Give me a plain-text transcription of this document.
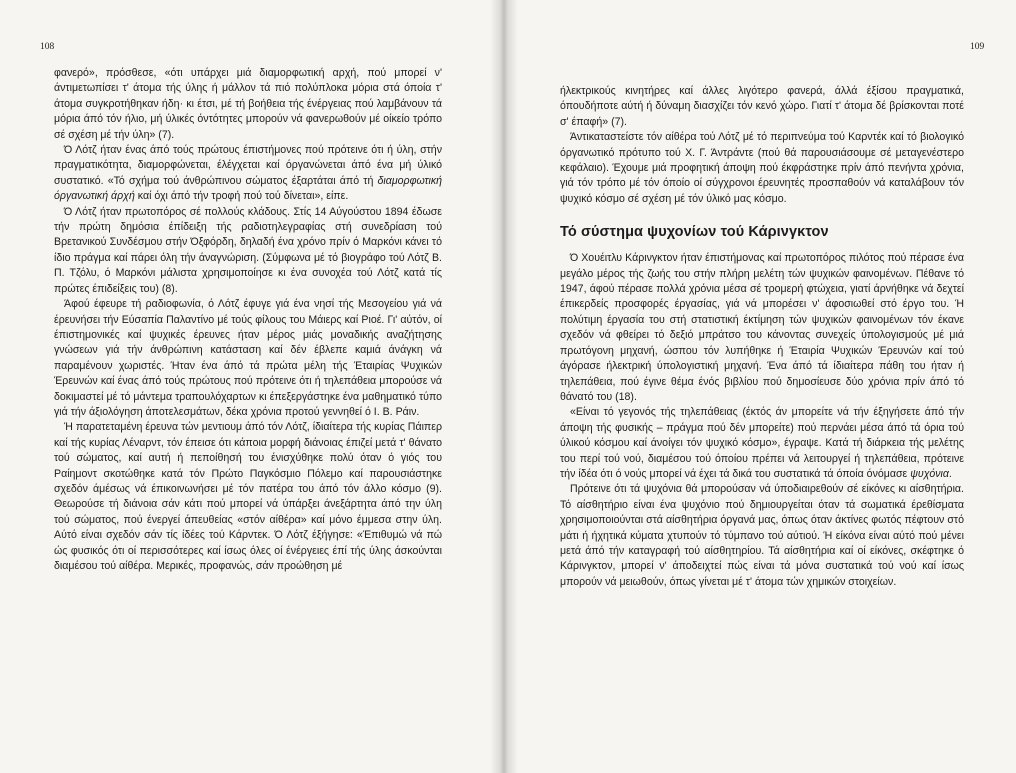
108

φανερό», πρόσθεσε, «ότι υπάρχει μιά διαμορφωτική αρχή, πού μπορεί ν' άντιμετωπίσει τ' άτομα τής ύλης ή μάλλον τά πιό πολύπλοκα μόρια στά όποία τ' άτομα συγκροτήθηκαν ήδη· κι έτσι, μέ τή βοήθεια τής ένέργειας πού λαμβάνουν τά μόρια άπό τόν ήλιο, μή ύλικές όντότητες μπορούν νά φανερωθούν μέ οίκείο τρόπο σέ σχέση μέ τήν ύλη» (7).

Ό Λότζ ήταν ένας άπό τούς πρώτους έπιστήμονες πού πρότεινε ότι ή ύλη, στήν πραγματικότητα, διαμορφώνεται, έλέγχεται καί όργανώνεται άπό ένα μή ύλικό συστατικό. «Τό σχήμα τού άνθρώπινου σώματος έξαρτάται άπό τή διαμορφωτική όργανωτική άρχή καί όχι άπό τήν τροφή πού τού δίνεται», είπε.

Ό Λότζ ήταν πρωτοπόρος σέ πολλούς κλάδους. Στίς 14 Αύγούστου 1894 έδωσε τήν πρώτη δημόσια έπίδειξη τής ραδιοτηλεγραφίας στή συνεδρίαση τού Βρετανικού Συνδέσμου στήν Όξφόρδη, δηλαδή ένα χρόνο πρίν ό Μαρκόνι κάνει τό ίδιο πράγμα καί πάρει όλη τήν άναγνώριση. (Σύμφωνα μέ τό βιογράφο τού Λότζ Β. Π. Τζόλυ, ό Μαρκόνι μάλιστα χρησιμοποίησε κι ένα συνοχέα τού Λότζ κατά τίς πρώτες έπιδείξεις του) (8).

Άφού έφευρε τή ραδιοφωνία, ό Λότζ έφυγε γιά ένα νησί τής Μεσογείου γιά νά έρευνήσει τήν Εύσαπία Παλαντίνο μέ τούς φίλους του Μάιερς καί Ριοέ. Γι' αύτόν, οί έπιστημονικές καί ψυχικές έρευνες ήταν μέρος μιάς μοναδικής αναζήτησης γνώσεων γιά τήν άνθρώπινη κατάσταση καί δέν έβλεπε καμιά άνάγκη νά παραμένουν χωριστές. Ήταν ένα άπό τά πρώτα μέλη τής Έταιρίας Ψυχικών Έρευνών καί ένας άπό τούς πρώτους πού πρότεινε ότι ή τηλεπάθεια μπορούσε νά δοκιμαστεί μέ τό μάντεμα τραπουλόχαρτων κι έπεξεργάστηκε ένα μαθηματικό τύπο γιά τήν άξιολόγηση άποτελεσμάτων, δέκα χρόνια προτού γεννηθεί ό Ι. Β. Ράιν.

Ή παρατεταμένη έρευνα τών μεντιουμ άπό τόν Λότζ, ίδιαίτερα τής κυρίας Πάιπερ καί τής κυρίας Λέναρντ, τόν έπεισε ότι κάποια μορφή διάνοιας έπιζεί μετά τ' θάνατο τού σώματος, καί αυτή ή πεποίθησή του ένισχύθηκε πολύ όταν ό γιός του Ραίημοντ σκοτώθηκε κατά τόν Πρώτο Παγκόσμιο Πόλεμο καί παρουσιάστηκε σχεδόν άμέσως νά έπικοινωνήσει μέ τόν πατέρα του άπό τόν άλλο κόσμο (9). Θεωρούσε τή διάνοια σάν κάτι πού μπορεί νά ύπάρξει άνεξάρτητα άπό την ύλη τού σώματος, πού ένεργεί άπευθείας «στόν αίθέρα» καί μόνο έμμεσα στην ύλη. Αύτό είναι σχεδόν σάν τίς ίδέες τού Κάρντεκ. Ό Λότζ έξήγησε: «Έπιθυμώ νά πώ ώς φυσικός ότι οί περισσότερες καί ίσως όλες οί ένέργειες έπί τής ύλης άσκούνται διαμέσου τού αίθέρα. Μερικές, προφανώς, σάν προώθηση μέ

109

ήλεκτρικούς κινητήρες καί άλλες λιγότερο φανερά, άλλά έξίσου πραγματικά, όπουδήποτε αύτή ή δύναμη διασχίζει τόν κενό χώρο. Γιατί τ' άτομα δέ βρίσκονται ποτέ σ' έπαφή» (7).

Άντικαταστείστε τόν αίθέρα τού Λότζ μέ τό περιπνεύμα τού Καρντέκ καί τό βιολογικό όργανωτικό πρότυπο τού Χ. Γ. Άντράντε (πού θά παρουσιάσουμε σέ μεταγενέστερο κεφάλαιο). Έχουμε μιά προφητική άποψη πού έκφράστηκε πρίν άπό πενήντα χρόνια, γιά τόν τρόπο μέ τόν όποίο οί σύγχρονοι έρευνητές προσπαθούν νά καταλάβουν τόν ψυχικό κόσμο σέ σχέση μέ τόν ύλικό μας κόσμο.

Τό σύστημα ψυχονίων τού Κάρινγκτον

Ό Χουέιτλυ Κάρινγκτον ήταν έπιστήμονας καί πρωτοπόρος πιλότος πού πέρασε ένα μεγάλο μέρος τής ζωής του στήν πλήρη μελέτη τών ψυχικών φαινομένων. Πέθανε τό 1947, άφού πέρασε πολλά χρόνια μέσα σέ τρομερή φτώχεια, γιατί άρνήθηκε νά δεχτεί έπικερδείς προσφορές έργασίας, γιά νά μπορέσει ν' άφοσιωθεί στό έργο του. Ή πολύτιμη έργασία του στή στατιστική έκτίμηση τών ψυχικών φαινομένων τόν έκανε σχεδόν νά φθείρει τό δεξιό μπράτσο του κάνοντας συνεχείς ύπολογισμούς μέ μιά πρωτόγονη μηχανή, ώσπου τόν λυπήθηκε ή Έταιρία Ψυχικών Έρευνών καί τού άγόρασε ήλεκτρική ύπολογιστική μηχανή. Ένα άπό τά ίδιαίτερα πάθη του ήταν ή τηλεπάθεια, πού έγινε θέμα ένός βιβλίου πού δημοσίευσε δύο χρόνια πρίν άπό τό θάνατό του (18).

«Είναι τό γεγονός τής τηλεπάθειας (έκτός άν μπορείτε νά τήν έξηγήσετε άπό τήν άποψη τής φυσικής – πράγμα πού δέν μπορείτε) πού περνάει μέσα άπό τά όρια τού ύλικού κόσμου καί άνοίγει τόν ψυχικό κόσμο», έγραψε. Κατά τή διάρκεια τής μελέτης του περί τού νού, διαμέσου τού όποίου πρέπει νά λειτουργεί ή τηλεπάθεια, πρότεινε τήν ίδέα ότι ό νούς μπορεί νά έχει τά δικά του συστατικά τά όποία όνόμασε ψυχόνια.

Πρότεινε ότι τά ψυχόνια θά μπορούσαν νά ύποδιαιρεθούν σέ είκόνες κι αίσθητήρια. Τό αίσθητήριο είναι ένα ψυχόνιο πού δημιουργείται όταν τά σωματικά έρεθίσματα χρησιμοποιούνται στά αίσθητήρια όργανά μας, όπως όταν άκτίνες φωτός πέφτουν στό μάτι ή ήχητικά κύματα χτυπούν τό τύμπανο τού αύτιού. Ή είκόνα είναι αύτό πού μένει μετά άπό τήν καταγραφή τού αίσθητηρίου. Τά αίσθητήρια καί οί είκόνες, σκέφτηκε ό Κάρινγκτον, μπορεί ν' άποδειχτεί πώς είναι τά μόνα συστατικά τού νού καί ίσως μπορούν νά μειωθούν, όπως γίνεται μέ τ' άτομα τών χημικών στοιχείων.
